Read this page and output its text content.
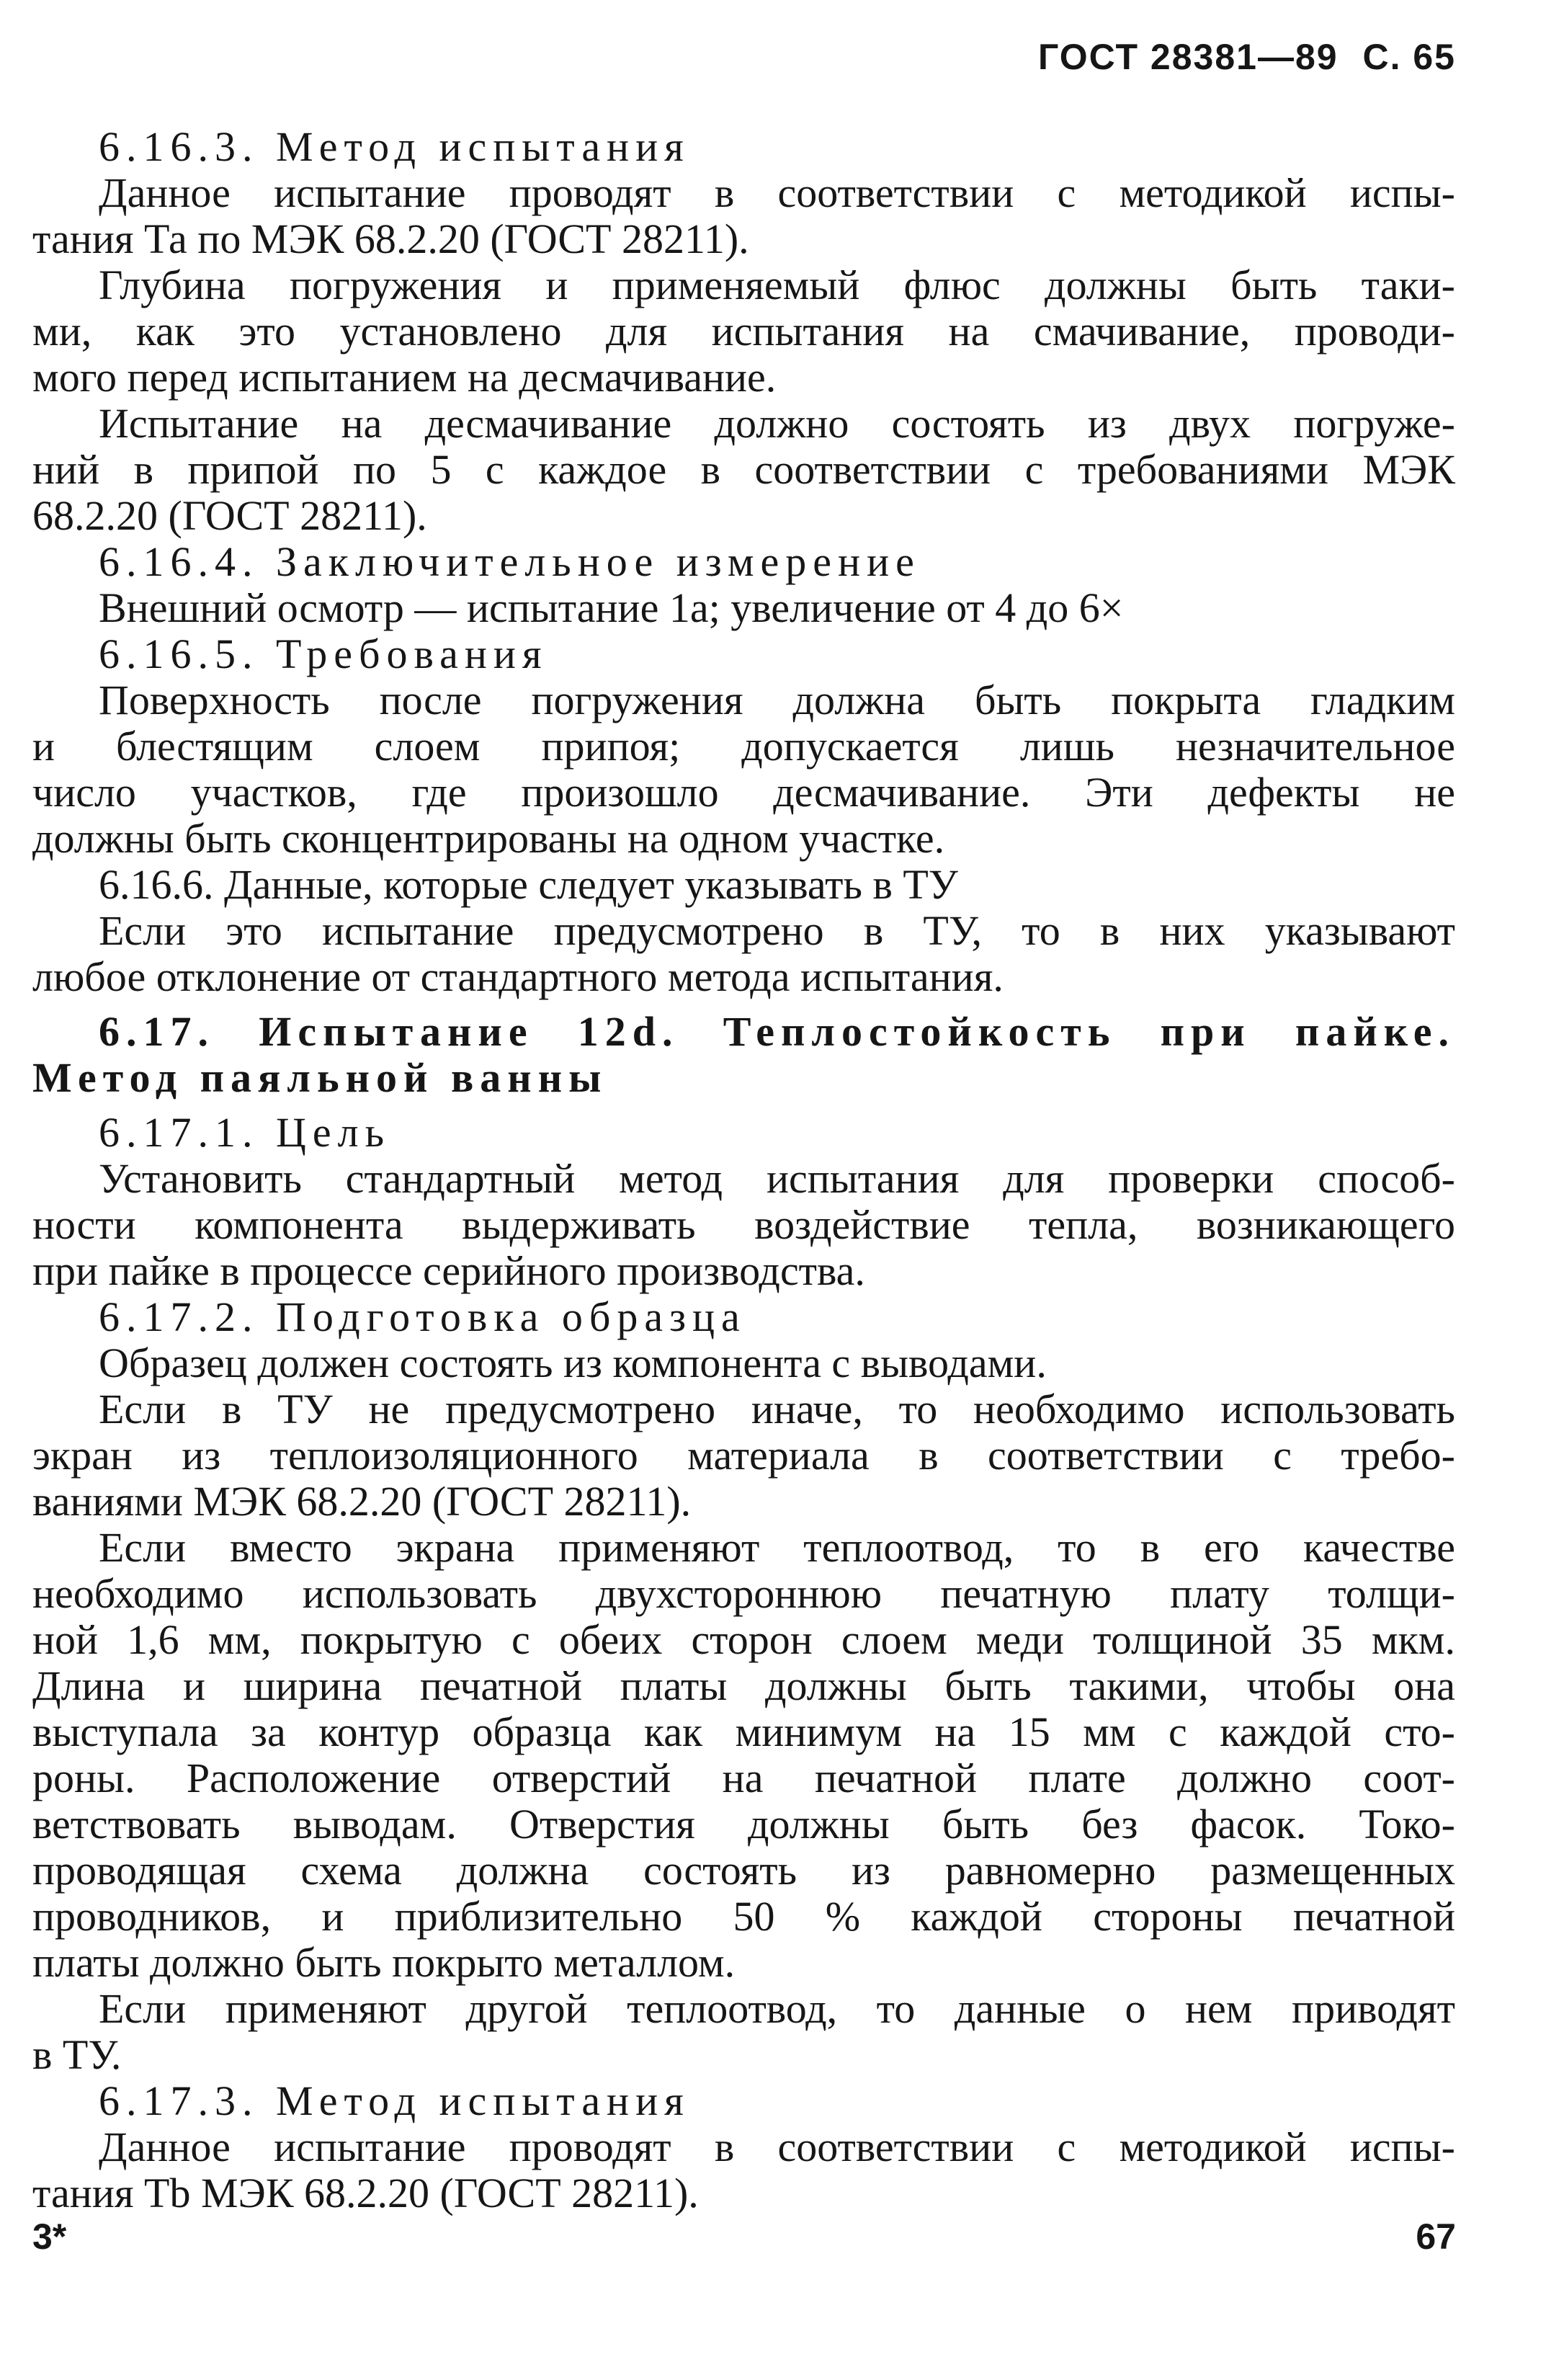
ГОСТ 28381—89 С. 65
6.16.3. Метод испытания
Данное испытание проводят в соответствии с методикой испы-
тания Та по МЭК 68.2.20 (ГОСТ 28211).
Глубина погружения и применяемый флюс должны быть таки-
ми, как это установлено для испытания на смачивание, проводи-
мого перед испытанием на десмачивание.
Испытание на десмачивание должно состоять из двух погруже-
ний в припой по 5 с каждое в соответствии с требованиями МЭК
68.2.20 (ГОСТ 28211).
6.16.4. Заключительное измерение
Внешний осмотр — испытание 1а; увеличение от 4 до 6×
6.16.5. Требования
Поверхность после погружения должна быть покрыта гладким
и блестящим слоем припоя; допускается лишь незначительное
число участков, где произошло десмачивание. Эти дефекты не
должны быть сконцентрированы на одном участке.
6.16.6. Данные, которые следует указывать в ТУ
Если это испытание предусмотрено в ТУ, то в них указывают
любое отклонение от стандартного метода испытания.
6.17. Испытание 12d. Теплостойкость при пайке.
Метод паяльной ванны
6.17.1. Цель
Установить стандартный метод испытания для проверки способ-
ности компонента выдерживать воздействие тепла, возникающего
при пайке в процессе серийного производства.
6.17.2. Подготовка образца
Образец должен состоять из компонента с выводами.
Если в ТУ не предусмотрено иначе, то необходимо использовать
экран из теплоизоляционного материала в соответствии с требо-
ваниями МЭК 68.2.20 (ГОСТ 28211).
Если вместо экрана применяют теплоотвод, то в его качестве
необходимо использовать двухстороннюю печатную плату толщи-
ной 1,6 мм, покрытую с обеих сторон слоем меди толщиной 35 мкм.
Длина и ширина печатной платы должны быть такими, чтобы она
выступала за контур образца как минимум на 15 мм с каждой сто-
роны. Расположение отверстий на печатной плате должно соот-
ветствовать выводам. Отверстия должны быть без фасок. Токо-
проводящая схема должна состоять из равномерно размещенных
проводников, и приблизительно 50 % каждой стороны печатной
платы должно быть покрыто металлом.
Если применяют другой теплоотвод, то данные о нем приводят
в ТУ.
6.17.3. Метод испытания
Данное испытание проводят в соответствии с методикой испы-
тания Tb МЭК 68.2.20 (ГОСТ 28211).
3*	67
